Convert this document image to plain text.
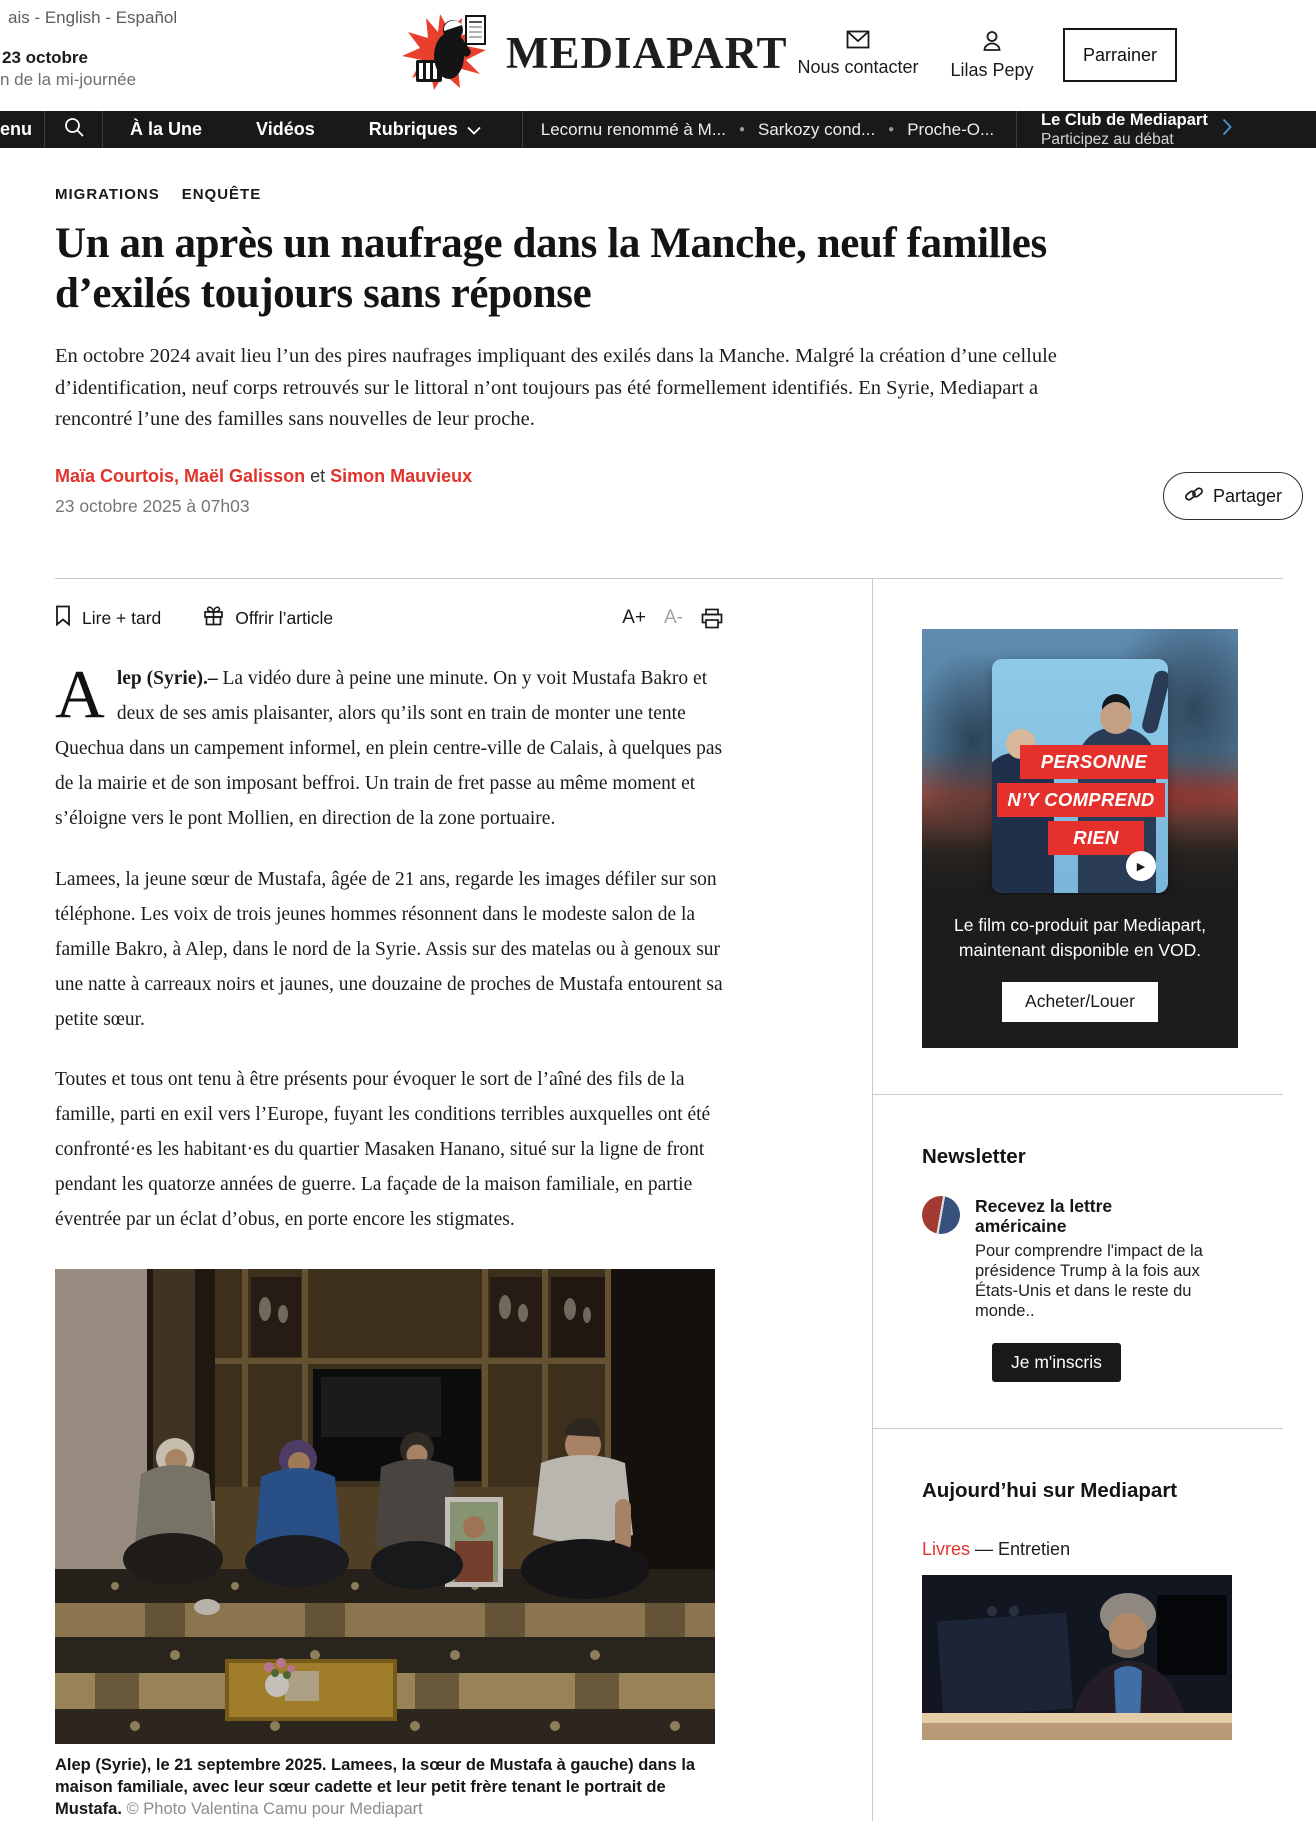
ais - English - Español
23 octobre
n de la mi-journée
MEDIAPART Nous contacter Lilas Pepy
Parrainer
enu	À la Une	Vidéos	Rubriques	Lecornu renommé à M... ● Sarkozy cond... ● Proche-O...	Le Club de Mediapart
Participez au débat
MIGRATIONS ENQUÊTE
Un an après un naufrage dans la Manche, neuf familles d’exilés toujours sans réponse

En octobre 2024 avait lieu l’un des pires naufrages impliquant des exilés dans la Manche. Malgré la création d’une cellule d’identification, neuf corps retrouvés sur le littoral n’ont toujours pas été formellement identifiés. En Syrie, Mediapart a rencontré l’une des familles sans nouvelles de leur proche.

Maïa Courtois, Maël Galisson et Simon Mauvieux
23 octobre 2025 à 07h03
Partager
Lire + tard	Offrir l’article	A+ A-

Alep (Syrie).– La vidéo dure à peine une minute. On y voit Mustafa Bakro et deux de ses amis plaisanter, alors qu’ils sont en train de monter une tente Quechua dans un campement informel, en plein centre-ville de Calais, à quelques pas de la mairie et de son imposant beffroi. Un train de fret passe au même moment et s’éloigne vers le pont Mollien, en direction de la zone portuaire.

Lamees, la jeune sœur de Mustafa, âgée de 21 ans, regarde les images défiler sur son téléphone. Les voix de trois jeunes hommes résonnent dans le modeste salon de la famille Bakro, à Alep, dans le nord de la Syrie. Assis sur des matelas ou à genoux sur une natte à carreaux noirs et jaunes, une douzaine de proches de Mustafa entourent sa petite sœur.

Toutes et tous ont tenu à être présents pour évoquer le sort de l’aîné des fils de la famille, parti en exil vers l’Europe, fuyant les conditions terribles auxquelles ont été confronté·es les habitant·es du quartier Masaken Hanano, situé sur la ligne de front pendant les quatorze années de guerre. La façade de la maison familiale, en partie éventrée par un éclat d’obus, en porte encore les stigmates.

Alep (Syrie), le 21 septembre 2025. Lamees, la sœur de Mustafa à gauche) dans la maison familiale, avec leur sœur cadette et leur petit frère tenant le portrait de Mustafa. © Photo Valentina Camu pour Mediapart
PERSONNE
N’Y COMPREND
RIEN
▶
Le film co-produit par Mediapart, maintenant disponible en VOD.
Acheter/Louer
Newsletter
Recevez la lettre américaine
Pour comprendre l'impact de la présidence Trump à la fois aux États-Unis et dans le reste du monde..
Je m'inscris
Aujourd’hui sur Mediapart
Livres — Entretien
